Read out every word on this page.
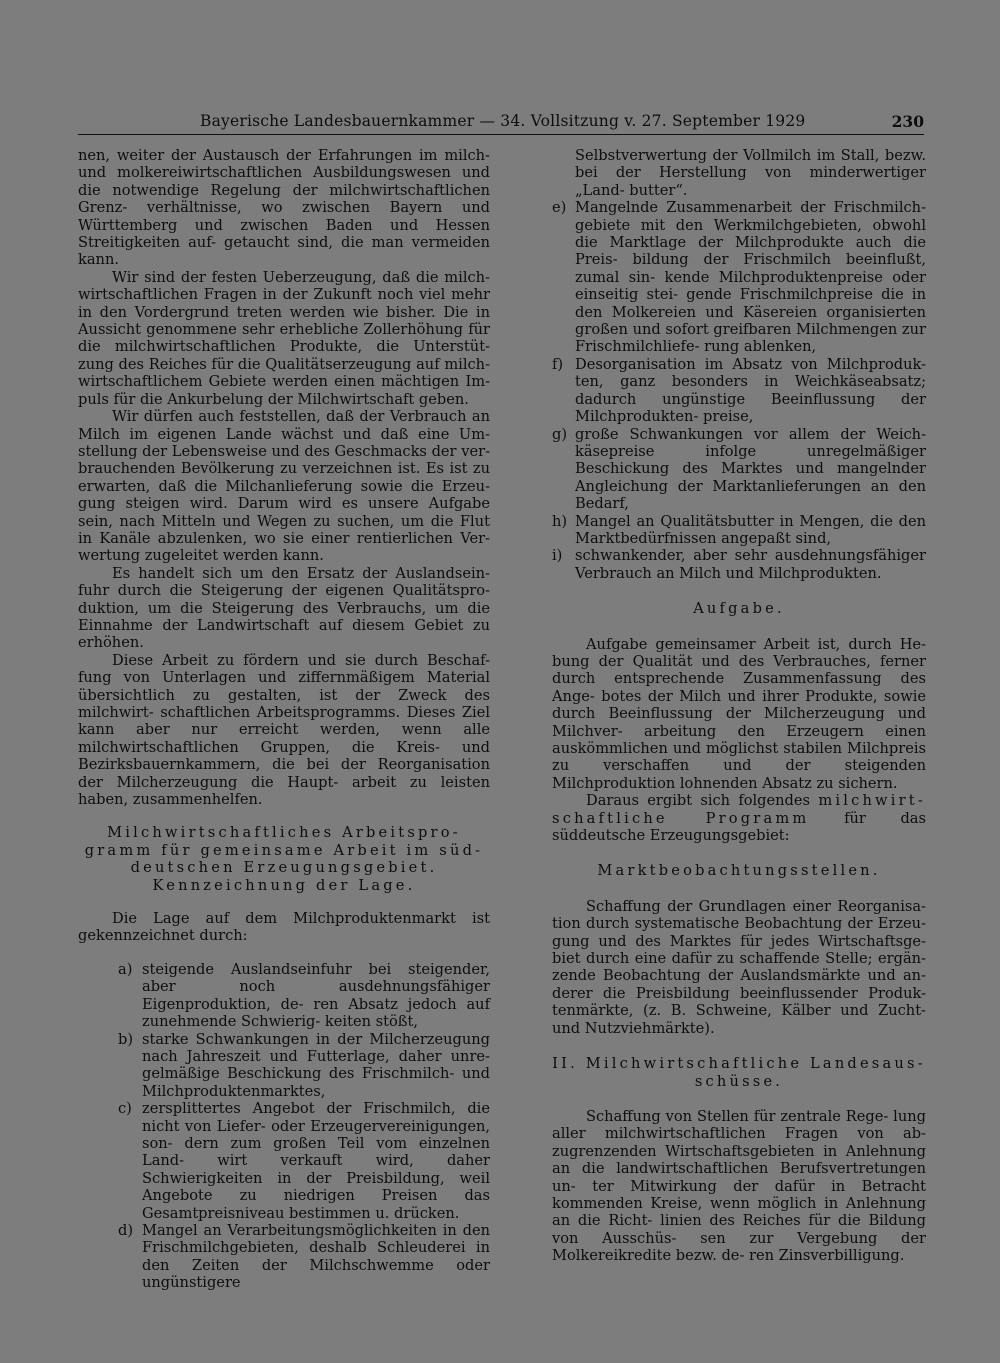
Bayerische Landesbauernkammer — 34. Vollsitzung v. 27. September 1929	230

nen, weiter der Austausch der Erfahrungen im milch- und molkereiwirtschaftlichen Ausbildungswesen und die notwendige Regelung der milchwirtschaftlichen Grenz- verhältnisse, wo zwischen Bayern und Württemberg und zwischen Baden und Hessen Streitigkeiten auf- getaucht sind, die man vermeiden kann.

Wir sind der festen Ueberzeugung, daß die milch- wirtschaftlichen Fragen in der Zukunft noch viel mehr in den Vordergrund treten werden wie bisher. Die in Aussicht genommene sehr erhebliche Zollerhöhung für die milchwirtschaftlichen Produkte, die Unterstüt- zung des Reiches für die Qualitätserzeugung auf milch- wirtschaftlichem Gebiete werden einen mächtigen Im- puls für die Ankurbelung der Milchwirtschaft geben.

Wir dürfen auch feststellen, daß der Verbrauch an Milch im eigenen Lande wächst und daß eine Um- stellung der Lebensweise und des Geschmacks der ver- brauchenden Bevölkerung zu verzeichnen ist. Es ist zu erwarten, daß die Milchanlieferung sowie die Erzeu- gung steigen wird. Darum wird es unsere Aufgabe sein, nach Mitteln und Wegen zu suchen, um die Flut in Kanäle abzulenken, wo sie einer rentierlichen Ver- wertung zugeleitet werden kann.

Es handelt sich um den Ersatz der Auslandsein- fuhr durch die Steigerung der eigenen Qualitätspro- duktion, um die Steigerung des Verbrauchs, um die Einnahme der Landwirtschaft auf diesem Gebiet zu erhöhen.

Diese Arbeit zu fördern und sie durch Beschaf- fung von Unterlagen und ziffernmäßigem Material übersichtlich zu gestalten, ist der Zweck des milchwirt- schaftlichen Arbeitsprogramms. Dieses Ziel kann aber nur erreicht werden, wenn alle milchwirtschaftlichen Gruppen, die Kreis- und Bezirksbauernkammern, die bei der Reorganisation der Milcherzeugung die Haupt- arbeit zu leisten haben, zusammenhelfen.

Milchwirtschaftliches Arbeitspro-
gramm für gemeinsame Arbeit im süd-
deutschen Erzeugungsgebiet.
Kennzeichnung der Lage.

Die Lage auf dem Milchproduktenmarkt ist gekennzeichnet durch:

a) steigende Auslandseinfuhr bei steigender, aber noch ausdehnungsfähiger Eigenproduktion, de- ren Absatz jedoch auf zunehmende Schwierig- keiten stößt,
b) starke Schwankungen in der Milcherzeugung nach Jahreszeit und Futterlage, daher unre- gelmäßige Beschickung des Frischmilch- und Milchproduktenmarktes,
c) zersplittertes Angebot der Frischmilch, die nicht von Liefer- oder Erzeugervereinigungen, son- dern zum großen Teil vom einzelnen Land- wirt verkauft wird, daher Schwierigkeiten in der Preisbildung, weil Angebote zu niedrigen Preisen das Gesamtpreisniveau bestimmen u. drücken.
d) Mangel an Verarbeitungsmöglichkeiten in den Frischmilchgebieten, deshalb Schleuderei in den Zeiten der Milchschwemme oder ungünstigere

Selbstverwertung der Vollmilch im Stall, bezw. bei der Herstellung von minderwertiger „Land- butter“.

e) Mangelnde Zusammenarbeit der Frischmilch- gebiete mit den Werkmilchgebieten, obwohl die Marktlage der Milchprodukte auch die Preis- bildung der Frischmilch beeinflußt, zumal sin- kende Milchproduktenpreise oder einseitig stei- gende Frischmilchpreise die in den Molkereien und Käsereien organisierten großen und sofort greifbaren Milchmengen zur Frischmilchliefe- rung ablenken,
f) Desorganisation im Absatz von Milchproduk- ten, ganz besonders in Weichkäseabsatz; dadurch ungünstige Beeinflussung der Milchprodukten- preise,
g) große Schwankungen vor allem der Weich- käsepreise infolge unregelmäßiger Beschickung des Marktes und mangelnder Angleichung der Marktanlieferungen an den Bedarf,
h) Mangel an Qualitätsbutter in Mengen, die den Marktbedürfnissen angepaßt sind,
i) schwankender, aber sehr ausdehnungsfähiger Verbrauch an Milch und Milchprodukten.
Aufgabe.

Aufgabe gemeinsamer Arbeit ist, durch He- bung der Qualität und des Verbrauches, ferner durch entsprechende Zusammenfassung des Ange- botes der Milch und ihrer Produkte, sowie durch Beeinflussung der Milcherzeugung und Milchver- arbeitung den Erzeugern einen auskömmlichen und möglichst stabilen Milchpreis zu verschaffen und der steigenden Milchproduktion lohnenden Absatz zu sichern.

Daraus ergibt sich folgendes milchwirt- schaftliche Programm für das süddeutsche Erzeugungsgebiet:

Marktbeobachtungsstellen.

Schaffung der Grundlagen einer Reorganisa- tion durch systematische Beobachtung der Erzeu- gung und des Marktes für jedes Wirtschaftsge- biet durch eine dafür zu schaffende Stelle; ergän- zende Beobachtung der Auslandsmärkte und an- derer die Preisbildung beeinflussender Produk- tenmärkte, (z. B. Schweine, Kälber und Zucht- und Nutzviehmärkte).

II. Milchwirtschaftliche Landesaus-
schüsse.

Schaffung von Stellen für zentrale Rege- lung aller milchwirtschaftlichen Fragen von ab- zugrenzenden Wirtschaftsgebieten in Anlehnung an die landwirtschaftlichen Berufsvertretungen un- ter Mitwirkung der dafür in Betracht kommenden Kreise, wenn möglich in Anlehnung an die Richt- linien des Reiches für die Bildung von Ausschüs- sen zur Vergebung der Molkereikredite bezw. de- ren Zinsverbilligung.
